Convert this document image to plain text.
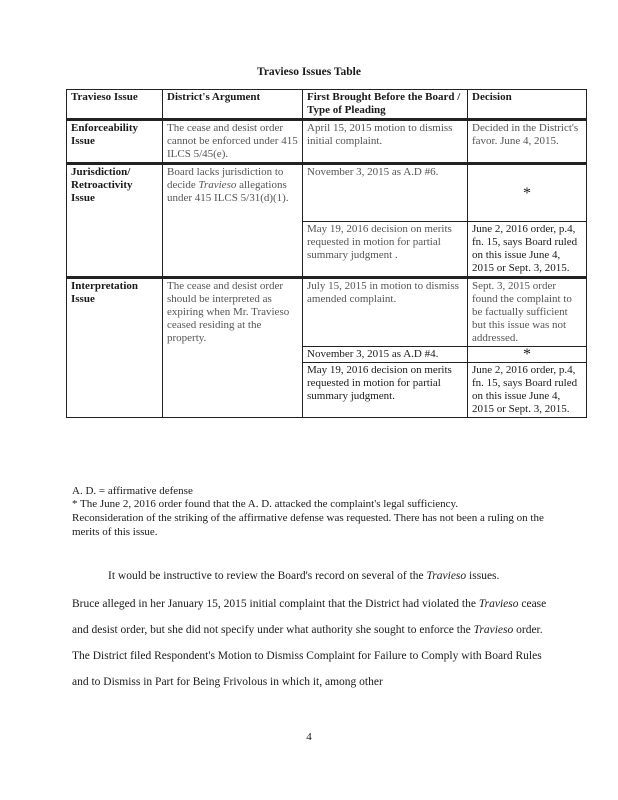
Travieso Issues Table
Travieso Issue	District's Argument	First Brought Before the Board / Type of Pleading	Decision
Enforceability Issue	The cease and desist order cannot be enforced under 415 ILCS 5/45(e).	April 15, 2015 motion to dismiss initial complaint.	Decided in the District's favor. June 4, 2015.
Jurisdiction/ Retroactivity Issue	Board lacks jurisdiction to decide Travieso allegations under 415 ILCS 5/31(d)(1).	November 3, 2015 as A.D #6.	*
		May 19, 2016 decision on merits requested in motion for partial summary judgment .	June 2, 2016 order, p.4, fn. 15, says Board ruled on this issue June 4, 2015 or Sept. 3, 2015.
Interpretation Issue	The cease and desist order should be interpreted as expiring when Mr. Travieso ceased residing at the property.	July 15, 2015 in motion to dismiss amended complaint.	Sept. 3, 2015 order found the complaint to be factually sufficient but this issue was not addressed.
		November 3, 2015 as A.D #4.	*
		May 19, 2016 decision on merits requested in motion for partial summary judgment.	June 2, 2016 order, p.4, fn. 15, says Board ruled on this issue June 4, 2015 or Sept. 3, 2015.
A. D. = affirmative defense
* The June 2, 2016 order found that the A. D. attacked the complaint's legal sufficiency.
Reconsideration of the striking of the affirmative defense was requested. There has not been a ruling on the merits of this issue.
It would be instructive to review the Board's record on several of the Travieso issues.
Bruce alleged in her January 15, 2015 initial complaint that the District had violated the Travieso cease and desist order, but she did not specify under what authority she sought to enforce the Travieso order. The District filed Respondent's Motion to Dismiss Complaint for Failure to Comply with Board Rules and to Dismiss in Part for Being Frivolous in which it, among other
4
